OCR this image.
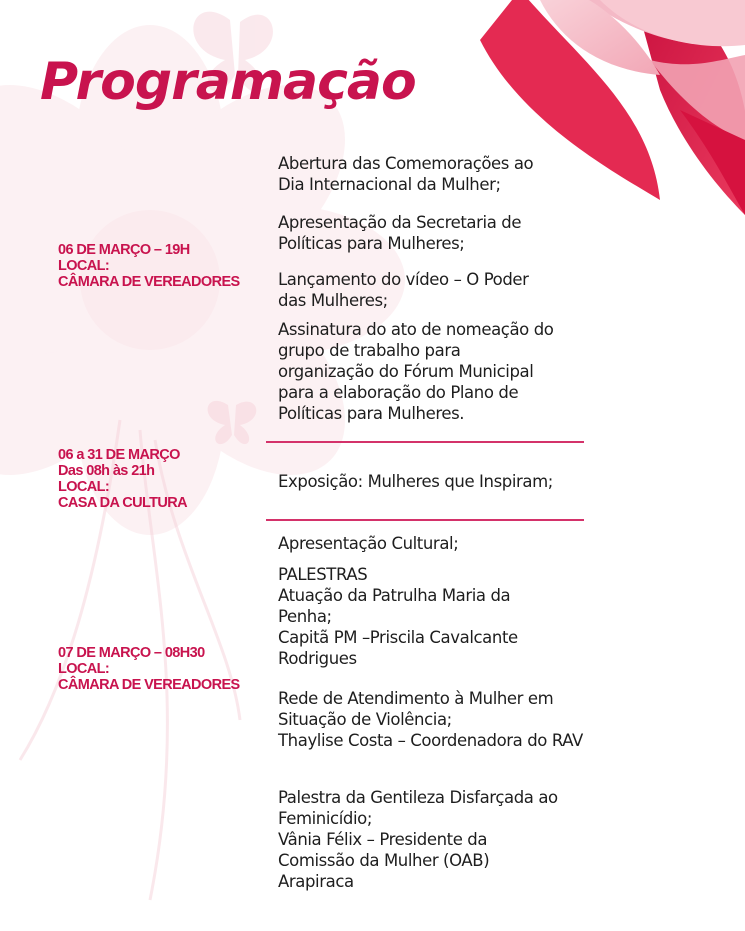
Programação
06 DE MARÇO – 19H
LOCAL:
CÂMARA DE VEREADORES

Abertura das Comemorações ao
Dia Internacional da Mulher;

Apresentação da Secretaria de
Políticas para Mulheres;

Lançamento do vídeo – O Poder
das Mulheres;

Assinatura do ato de nomeação do
grupo de trabalho para
organização do Fórum Municipal
para a elaboração do Plano de
Políticas para Mulheres.

06 a 31 DE MARÇO
Das 08h às 21h
LOCAL:
CASA DA CULTURA

Exposição: Mulheres que Inspiram;

07 DE MARÇO – 08H30
LOCAL:
CÂMARA DE VEREADORES

Apresentação Cultural;

PALESTRAS
Atuação da Patrulha Maria da
Penha;
Capitã PM –Priscila Cavalcante
Rodrigues

Rede de Atendimento à Mulher em
Situação de Violência;
Thaylise Costa – Coordenadora do RAV

Palestra da Gentileza Disfarçada ao
Feminicídio;
Vânia Félix – Presidente da
Comissão da Mulher (OAB)
Arapiraca
